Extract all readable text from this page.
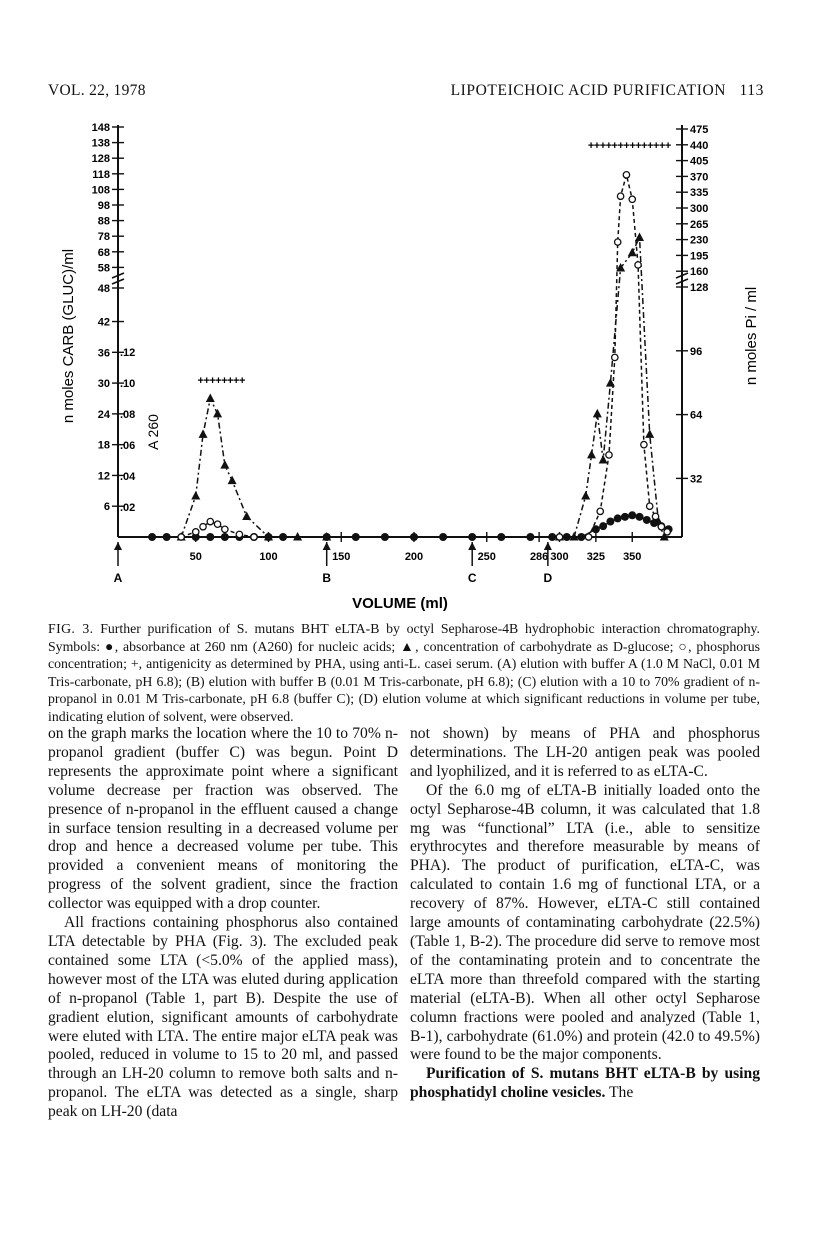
VOL. 22, 1978	LIPOTEICHOIC ACID PURIFICATION 113
148
138
128
118
108
98
88
78
68
58
48
42
36
30
24
18
12
6
.12
.10
.08
.06
.04
.02
475
440
405
370
335
300
265
230
195
160
128
96
64
32
50	100	150	200	250	286 300 325 350
A	B	C	D
++++++++
++++++++++++++
n moles CARB (GLUC)/ml
A 260
n moles Pi / ml
VOLUME (ml)
FIG. 3. Further purification of S. mutans BHT eLTA-B by octyl Sepharose-4B hydrophobic interaction chromatography. Symbols: ●, absorbance at 260 nm (A260) for nucleic acids; ▲, concentration of carbohydrate as D-glucose; ○, phosphorus concentration; +, antigenicity as determined by PHA, using anti-L. casei serum. (A) elution with buffer A (1.0 M NaCl, 0.01 M Tris-carbonate, pH 6.8); (B) elution with buffer B (0.01 M Tris-carbonate, pH 6.8); (C) elution with a 10 to 70% gradient of n-propanol in 0.01 M Tris-carbonate, pH 6.8 (buffer C); (D) elution volume at which significant reductions in volume per tube, indicating elution of solvent, were observed.

on the graph marks the location where the 10 to 70% n-propanol gradient (buffer C) was begun. Point D represents the approximate point where a significant volume decrease per fraction was observed. The presence of n-propanol in the effluent caused a change in surface tension resulting in a decreased volume per drop and hence a decreased volume per tube. This provided a convenient means of monitoring the progress of the solvent gradient, since the fraction collector was equipped with a drop counter.

All fractions containing phosphorus also contained LTA detectable by PHA (Fig. 3). The excluded peak contained some LTA (<5.0% of the applied mass), however most of the LTA was eluted during application of n-propanol (Table 1, part B). Despite the use of gradient elution, significant amounts of carbohydrate were eluted with LTA. The entire major eLTA peak was pooled, reduced in volume to 15 to 20 ml, and passed through an LH-20 column to remove both salts and n-propanol. The eLTA was detected as a single, sharp peak on LH-20 (data

not shown) by means of PHA and phosphorus determinations. The LH-20 antigen peak was pooled and lyophilized, and it is referred to as eLTA-C.

Of the 6.0 mg of eLTA-B initially loaded onto the octyl Sepharose-4B column, it was calculated that 1.8 mg was “functional” LTA (i.e., able to sensitize erythrocytes and therefore measurable by means of PHA). The product of purification, eLTA-C, was calculated to contain 1.6 mg of functional LTA, or a recovery of 87%. However, eLTA-C still contained large amounts of contaminating carbohydrate (22.5%) (Table 1, B-2). The procedure did serve to remove most of the contaminating protein and to concentrate the eLTA more than threefold compared with the starting material (eLTA-B). When all other octyl Sepharose column fractions were pooled and analyzed (Table 1, B-1), carbohydrate (61.0%) and protein (42.0 to 49.5%) were found to be the major components.

Purification of S. mutans BHT eLTA-B by using phosphatidyl choline vesicles. The
